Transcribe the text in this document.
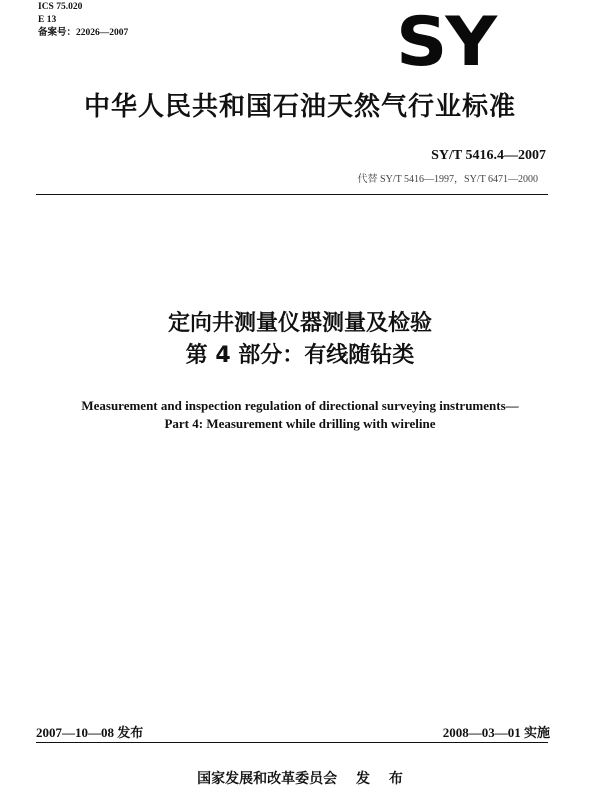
ICS 75.020
E 13
备案号：22026—2007	SY
中华人民共和国石油天然气行业标准
SY/T 5416.4—2007
代替 SY/T 5416—1997，SY/T 6471—2000
定向井测量仪器测量及检验
第 4 部分：有线随钻类
Measurement and inspection regulation of directional surveying instruments—
Part 4: Measurement while drilling with wireline
2007—10—08 发布	2008—03—01 实施
国家发展和改革委员会 发 布
